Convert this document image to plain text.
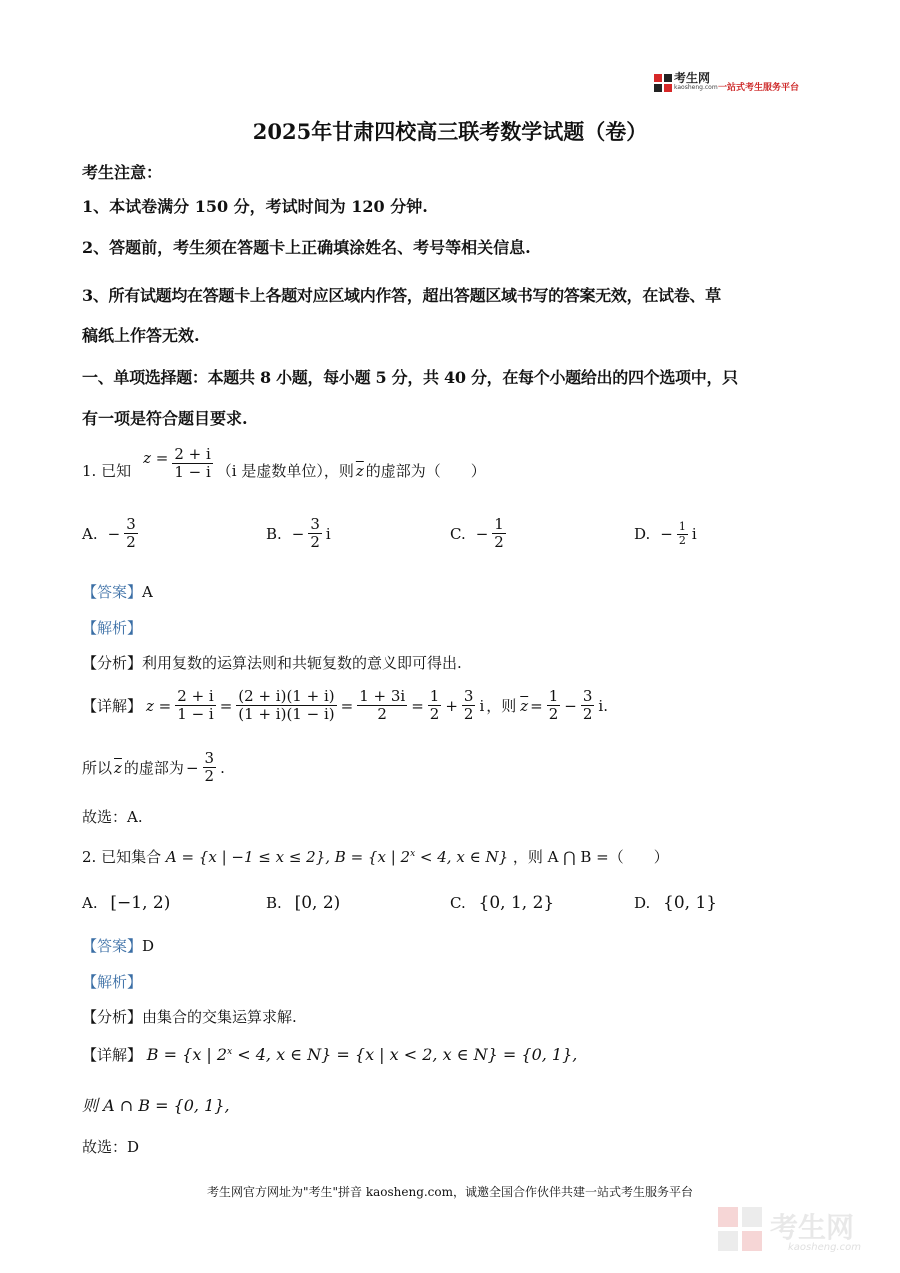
考生网
kaosheng.com 一站式考生服务平台
2025年甘肃四校高三联考数学试题（卷）
考生注意：
1、本试卷满分 150 分，考试时间为 120 分钟.
2、答题前，考生须在答题卡上正确填涂姓名、考号等相关信息.
3、所有试题均在答题卡上各题对应区域内作答，超出答题区域书写的答案无效，在试卷、草
稿纸上作答无效.
一、单项选择题：本题共 8 小题，每小题 5 分，共 40 分，在每个小题给出的四个选项中，只
有一项是符合题目要求.
1. 已知
$z = \frac{2 + i}{1 - i} (i$ 是虚数单位），则 $\overline{z}$ 的虚部为（　　）
A. − $\frac{3}{2}$	B. − $\frac{3}{2}$ i	C. − $\frac{1}{2}$	D. − $\frac{1}{2}$ i
【答案】A
【解析】
【分析】利用复数的运算法则和共轭复数的意义即可得出.
【详解】 $z = \frac{2 + i}{1 - i} = \frac{(2 + i)(1 + i)}{(1 + i)(1 - i)} = \frac{1 + 3i}{2} = \frac{1}{2} + \frac{3}{2}$ i ，则 $\overline{z} = \frac{1}{2} - \frac{3}{2} i$.
所以 $\overline{z}$ 的虚部为 − $\frac{3}{2}$ .
故选：A.
2. 已知集合 A = {x | −1 ≤ x ≤ 2}, B = {x | $2^x < 4$, x ∈ N} ，则 A ⋂ B =（　　）
A. [−1, 2)	B. [0, 2)	C. {0, 1, 2}	D. {0, 1}
【答案】D
【解析】
【分析】由集合的交集运算求解.
【详解】 B = {x | $2^x < 4$, x ∈ N} = {x | x < 2, x ∈ N} = {0, 1},
则 A ∩ B = {0, 1},
故选：D
考生网官方网址为"考生"拼音 kaosheng.com，诚邀全国合作伙伴共建一站式考生服务平台
考生网
kaosheng.com
